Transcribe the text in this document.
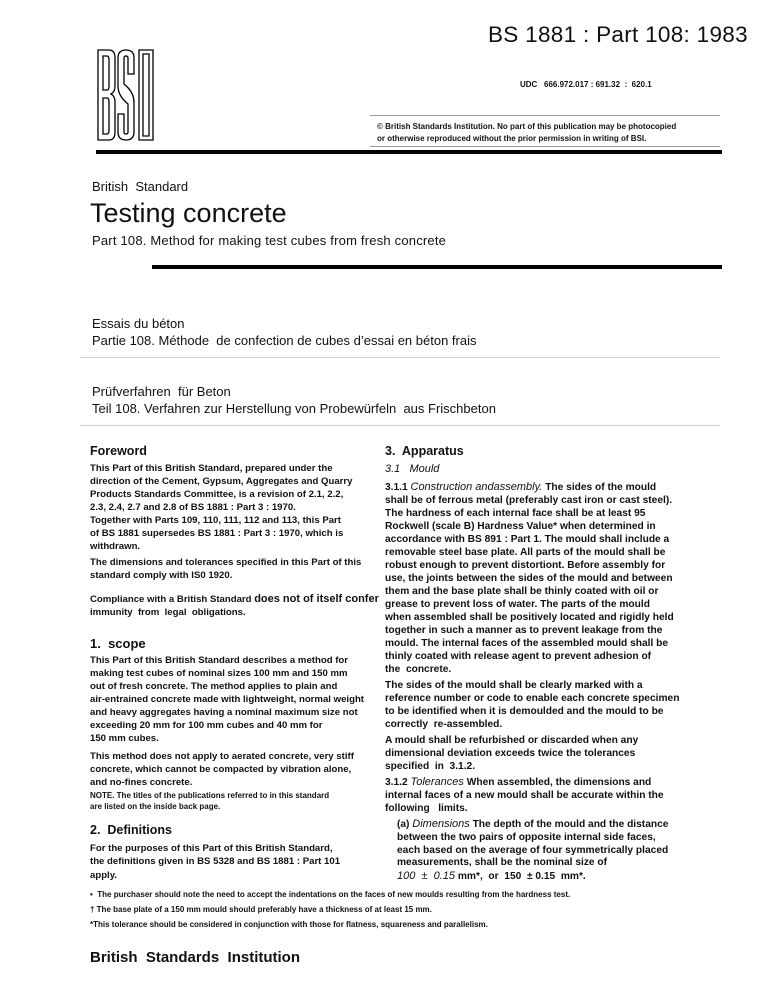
BS 1881 : Part 108: 1983
UDC   666.972.017 : 691.32  :  620.1
© British Standards Institution. No part of this publication may be photocopied
or otherwise reproduced without the prior permission in writing of BSI.
British  Standard
Testing concrete
Part 108. Method for making test cubes from fresh concrete
Essais du béton
Partie 108. Méthode  de confection de cubes d’essai en béton frais
Prüfverfahren  für Beton
Teil 108. Verfahren zur Herstellung von Probewürfeln  aus Frischbeton
Foreword

This Part of this British Standard, prepared under the
direction of the Cement, Gypsum, Aggregates and Quarry
Products Standards Committee, is a revision of 2.1, 2.2,
2.3, 2.4, 2.7 and 2.8 of BS 1881 : Part 3 : 1970.
Together with Parts 109, 110, 111, 112 and 113, this Part
of BS 1881 supersedes BS 1881 : Part 3 : 1970, which is
withdrawn.

The dimensions and tolerances specified in this Part of this
standard comply with IS0 1920.

Compliance with a British Standard does not of itself confer
immunity  from  legal  obligations.

1.  scope

This Part of this British Standard describes a method for
making test cubes of nominal sizes 100 mm and 150 mm
out of fresh concrete. The method applies to plain and
air-entrained concrete made with lightweight, normal weight
and heavy aggregates having a nominal maximum size not
exceeding 20 mm for 100 mm cubes and 40 mm for
150 mm cubes.

This method does not apply to aerated concrete, very stiff
concrete, which cannot be compacted by vibration alone,
and no-fines concrete.

NOTE. The titles of the publications referred to in this standard
are listed on the inside back page.

2.  Definitions

For the purposes of this Part of this British Standard,
the definitions given in BS 5328 and BS 1881 : Part 101
apply.

3.  Apparatus
3.1   Mould

3.1.1 Construction andassembly. The sides of the mould
shall be of ferrous metal (preferably cast iron or cast steel).
The hardness of each internal face shall be at least 95
Rockwell (scale B) Hardness Value* when determined in
accordance with BS 891 : Part 1. The mould shall include a
removable steel base plate. All parts of the mould shall be
robust enough to prevent distortiont. Before assembly for
use, the joints between the sides of the mould and between
them and the base plate shall be thinly coated with oil or
grease to prevent loss of water. The parts of the mould
when assembled shall be positively located and rigidly held
together in such a manner as to prevent leakage from the
mould. The internal faces of the assembled mould shall be
thinly coated with release agent to prevent adhesion of
the  concrete.

The sides of the mould shall be clearly marked with a
reference number or code to enable each concrete specimen
to be identified when it is demoulded and the mould to be
correctly  re-assembled.

A mould shall be refurbished or discarded when any
dimensional deviation exceeds twice the tolerances
specified  in  3.1.2.

3.1.2 Tolerances When assembled, the dimensions and
internal faces of a new mould shall be accurate within the
following   limits.

(a) Dimensions The depth of the mould and the distance
between the two pairs of opposite internal side faces,
each based on the average of four symmetrically placed
measurements, shall be the nominal size of
100  ±  0.15 mm*,  or  150  ± 0.15  mm*.

•  The purchaser should note the need to accept the indentations on the faces of new moulds resulting from the hardness test.
† The base plate of a 150 mm mould should preferably have a thickness of at least 15 mm.
*This tolerance should be considered in conjunction with those for flatness, squareness and parallelism.
British  Standards  Institution
